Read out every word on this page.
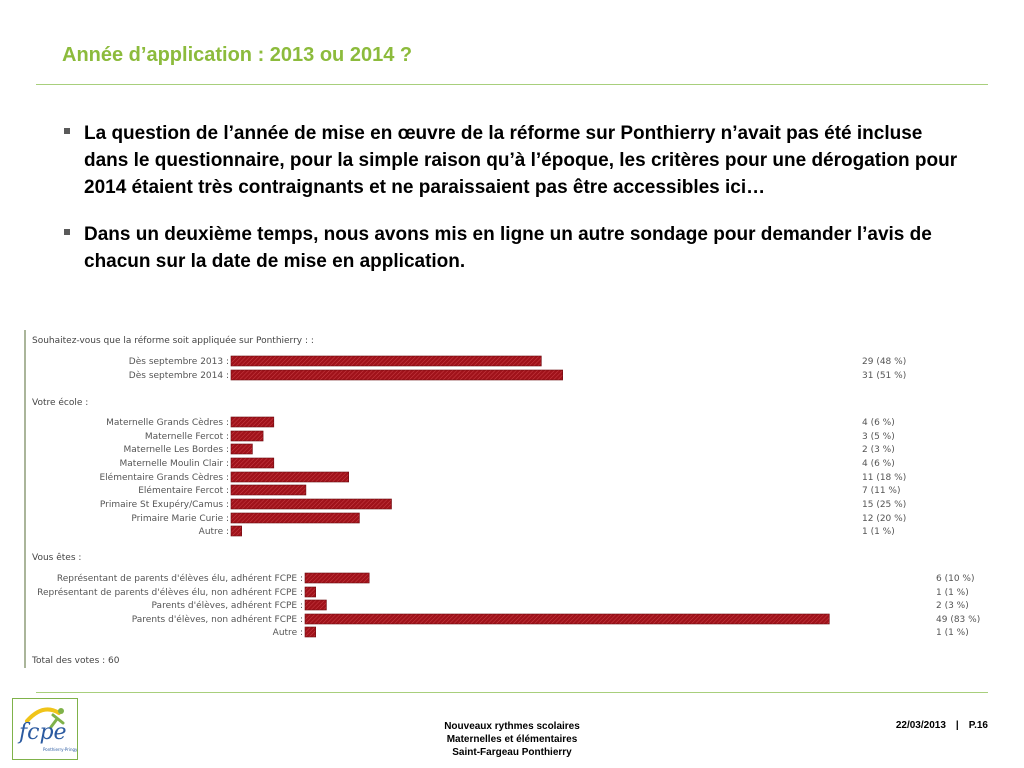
Année d’application : 2013 ou 2014 ?
La question de l’année de mise en œuvre de la réforme sur Ponthierry n’avait pas été incluse dans le questionnaire, pour la simple raison qu’à l’époque, les critères pour une dérogation pour 2014 étaient très contraignants et ne paraissaient pas être accessibles ici…
Dans un deuxième temps, nous avons mis en ligne un autre sondage pour demander l’avis de chacun sur la date de mise en application.
Souhaitez-vous que la réforme soit appliquée sur Ponthierry : :
Dès septembre 2013 :	29 (48 %)
Dès septembre 2014 :	31 (51 %)
Votre école :
Maternelle Grands Cèdres :	4 (6 %)
Maternelle Fercot :	3 (5 %)
Maternelle Les Bordes :	2 (3 %)
Maternelle Moulin Clair :	4 (6 %)
Elémentaire Grands Cèdres :	11 (18 %)
Elémentaire Fercot :	7 (11 %)
Primaire St Exupéry/Camus :	15 (25 %)
Primaire Marie Curie :	12 (20 %)
Autre :	1 (1 %)
Vous êtes :
Représentant de parents d'élèves élu, adhérent FCPE :	6 (10 %)
Représentant de parents d'élèves élu, non adhérent FCPE :	1 (1 %)
Parents d'élèves, adhérent FCPE :	2 (3 %)
Parents d'élèves, non adhérent FCPE :	49 (83 %)
Autre :	1 (1 %)
Total des votes : 60
fcpe
Ponthierry-Pringy
Nouveaux rythmes scolaires
Maternelles et élémentaires
Saint-Fargeau Ponthierry
22/03/2013 | P.16
